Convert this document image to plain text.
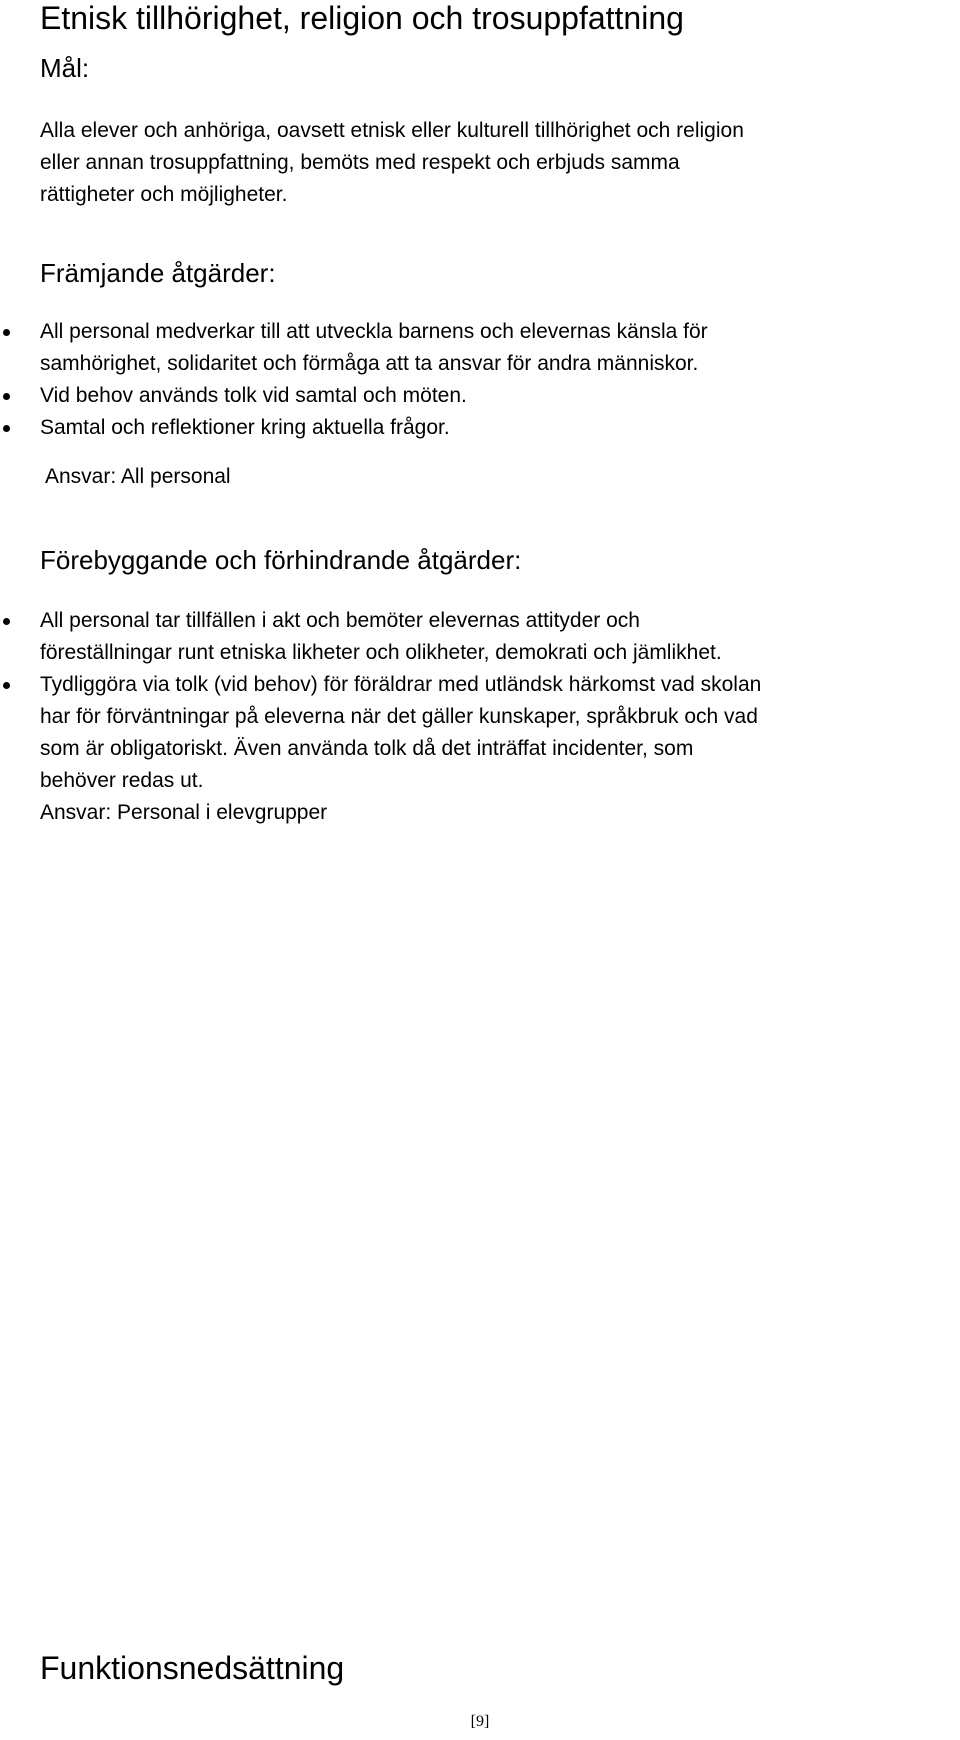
Etnisk tillhörighet, religion och trosuppfattning
Mål:
Alla elever och anhöriga, oavsett etnisk eller kulturell tillhörighet och religion
eller annan trosuppfattning, bemöts med respekt och erbjuds samma
rättigheter och möjligheter.
Främjande åtgärder:
All personal medverkar till att utveckla barnens och elevernas känsla för
samhörighet, solidaritet och förmåga att ta ansvar för andra människor.
Vid behov används tolk vid samtal och möten.
Samtal och reflektioner kring aktuella frågor.
Ansvar: All personal
Förebyggande och förhindrande åtgärder:
All personal tar tillfällen i akt och bemöter elevernas attityder och
föreställningar runt etniska likheter och olikheter, demokrati och jämlikhet.
Tydliggöra via tolk (vid behov) för föräldrar med utländsk härkomst vad skolan
har för förväntningar på eleverna när det gäller kunskaper, språkbruk och vad
som är obligatoriskt. Även använda tolk då det inträffat incidenter, som
behöver redas ut.
Ansvar: Personal i elevgrupper
Funktionsnedsättning
[9]
